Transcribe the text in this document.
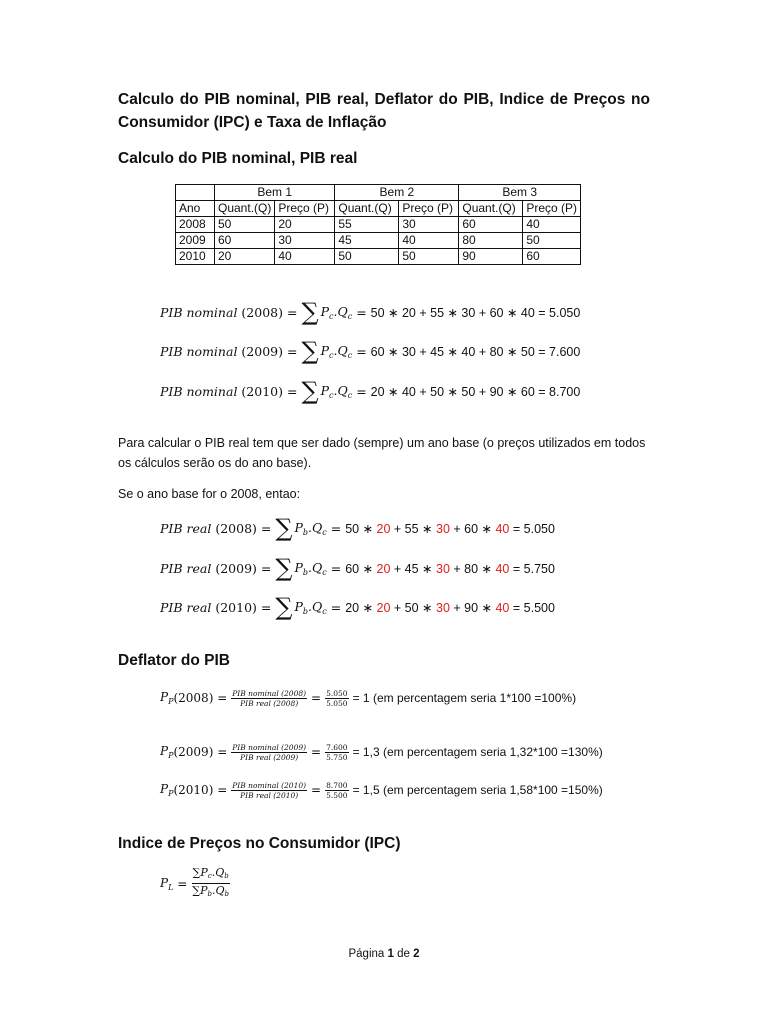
Calculo do PIB nominal, PIB real, Deflator do PIB, Indice de Preços no Consumidor (IPC) e Taxa de Inflação
Calculo do PIB nominal, PIB real
	Bem 1		Bem 2		Bem 3	
Ano	Quant.(Q)	Preço (P)	Quant.(Q)	Preço (P)	Quant.(Q)	Preço (P)
2008	50	20	55	30	60	40
2009	60	30	45	40	80	50
2010	20	40	50	50	90	60
PIB nominal
(2008) = ∑ $P_c.Q_c = 50$ ∗ 20 + 55 ∗ 30 + 60 ∗ 40 = 5.050
PIB nominal
(2009) = ∑ $P_c.Q_c = 60$ ∗ 30 + 45 ∗ 40 + 80 ∗ 50 = 7.600
PIB nominal
(2010) = ∑ $P_c.Q_c = 20$ ∗ 40 + 50 ∗ 50 + 90 ∗ 60 = 8.700
Para calcular o PIB real tem que ser dado (sempre) um ano base (o preços utilizados em todos os cálculos serão os do ano base).
Se o ano base for o 2008, entao:
PIB real
(2008) = ∑ $P_b.Q_c = 50$ ∗ 20 + 55 ∗ 30 + 60 ∗ 40 = 5.050
PIB real
(2009) = ∑ $P_b.Q_c = 60$ ∗ 20 + 45 ∗ 30 + 80 ∗ 40 = 5.750
PIB real
(2010) = ∑ $P_b.Q_c = 20$ ∗ 20 + 50 ∗ 30 + 90 ∗ 40 = 5.500
Deflator do PIB
$P_P$ $(2008) = \frac{\text{PIB nominal (2008)}}{\text{PIB real (2008)}} = \frac{5.050}{5.050} = 1$ (em percentagem seria 1*100 =100%)
$P_P$ $(2009) = \frac{\text{PIB nominal (2009)}}{\text{PIB real (2009)}} = \frac{7.600}{5.750} = 1,3$ (em percentagem seria 1,32*100 =130%)
$P_P$ $(2010) = \frac{\text{PIB nominal (2010)}}{\text{PIB real (2010)}} = \frac{8.700}{5.500} = 1,5$ (em percentagem seria 1,58*100 =150%)
Indice de Preços no Consumidor (IPC)
$P_L = \frac{\sum Pc.Qb}{\sum Pb.Qb}$
Página 1 de 2
